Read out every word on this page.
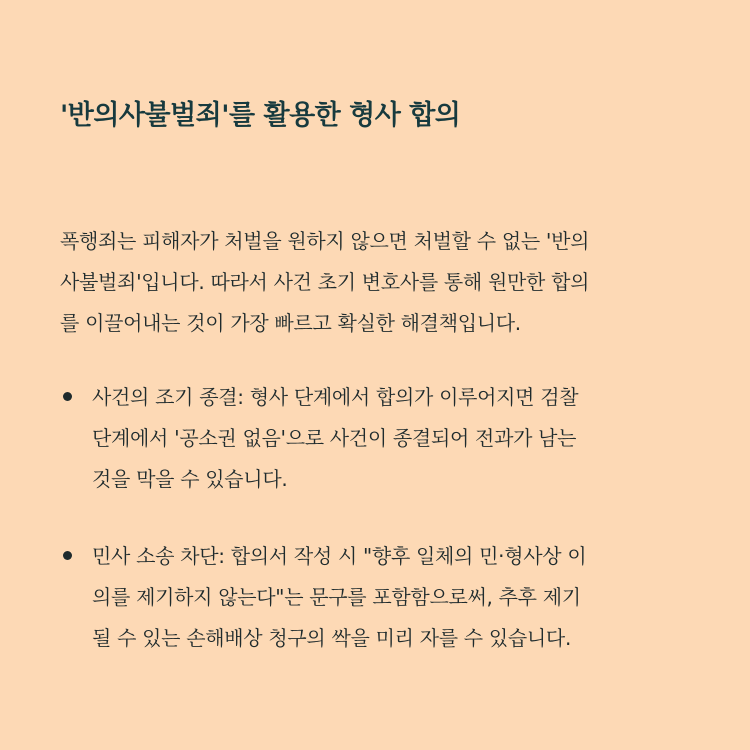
'반의사불벌죄'를 활용한 형사 합의

폭행죄는 피해자가 처벌을 원하지 않으면 처벌할 수 없는 '반의
사불벌죄'입니다. 따라서 사건 초기 변호사를 통해 원만한 합의
를 이끌어내는 것이 가장 빠르고 확실한 해결책입니다.

사건의 조기 종결: 형사 단계에서 합의가 이루어지면 검찰
단계에서 '공소권 없음'으로 사건이 종결되어 전과가 남는
것을 막을 수 있습니다.
민사 소송 차단: 합의서 작성 시 "향후 일체의 민·형사상 이
의를 제기하지 않는다"는 문구를 포함함으로써, 추후 제기
될 수 있는 손해배상 청구의 싹을 미리 자를 수 있습니다.
